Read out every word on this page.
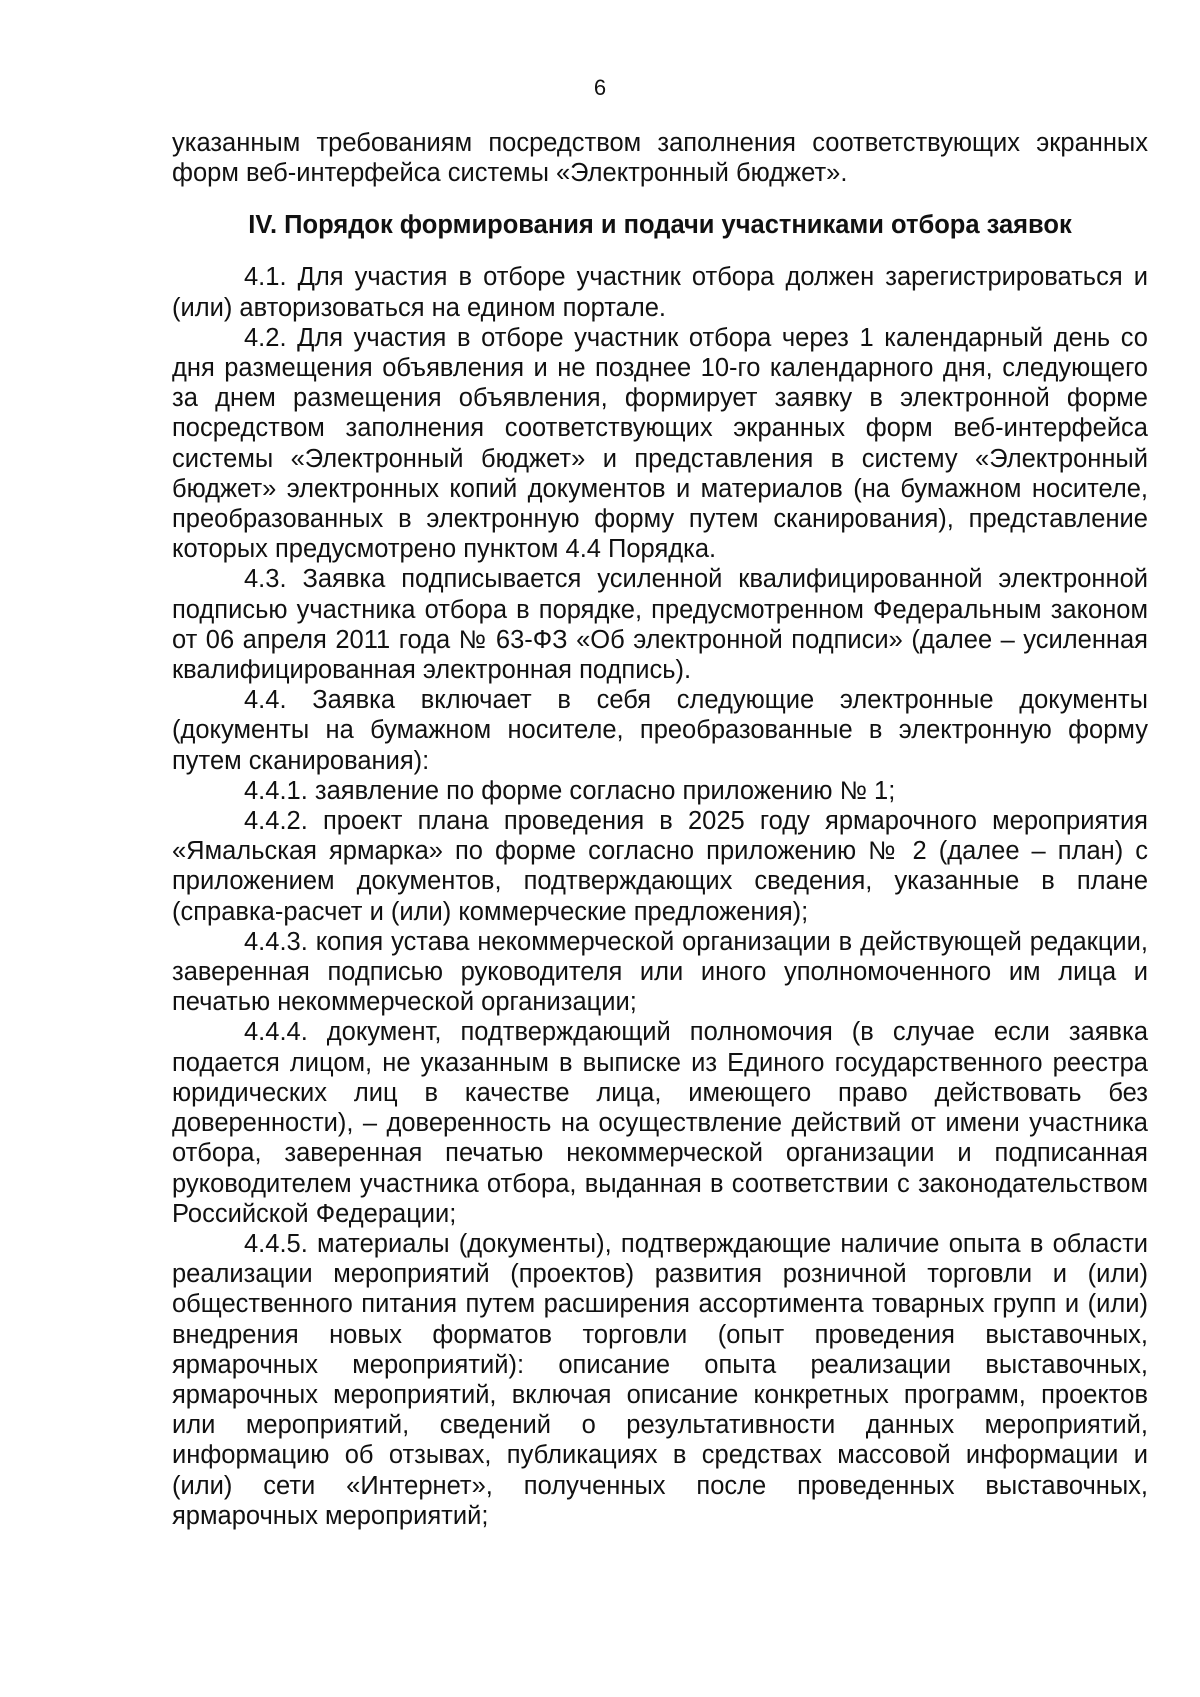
6

указанным требованиям посредством заполнения соответствующих экранных форм веб-интерфейса системы «Электронный бюджет».

IV. Порядок формирования и подачи участниками отбора заявок

4.1. Для участия в отборе участник отбора должен зарегистрироваться и (или) авторизоваться на едином портале.

4.2. Для участия в отборе участник отбора через 1 календарный день со дня размещения объявления и не позднее 10-го календарного дня, следующего за днем размещения объявления, формирует заявку в электронной форме посредством заполнения соответствующих экранных форм веб-интерфейса системы «Электронный бюджет» и представления в систему «Электронный бюджет» электронных копий документов и материалов (на бумажном носителе, преобразованных в электронную форму путем сканирования), представление которых предусмотрено пунктом 4.4 Порядка.

4.3. Заявка подписывается усиленной квалифицированной электронной подписью участника отбора в порядке, предусмотренном Федеральным законом от 06 апреля 2011 года № 63-ФЗ «Об электронной подписи» (далее – усиленная квалифицированная электронная подпись).

4.4. Заявка включает в себя следующие электронные документы (документы на бумажном носителе, преобразованные в электронную форму путем сканирования):

4.4.1. заявление по форме согласно приложению № 1;

4.4.2. проект плана проведения в 2025 году ярмарочного мероприятия «Ямальская ярмарка» по форме согласно приложению № 2 (далее – план) с приложением документов, подтверждающих сведения, указанные в плане (справка-расчет и (или) коммерческие предложения);

4.4.3. копия устава некоммерческой организации в действующей редакции, заверенная подписью руководителя или иного уполномоченного им лица и печатью некоммерческой организации;

4.4.4. документ, подтверждающий полномочия (в случае если заявка подается лицом, не указанным в выписке из Единого государственного реестра юридических лиц в качестве лица, имеющего право действовать без доверенности), – доверенность на осуществление действий от имени участника отбора, заверенная печатью некоммерческой организации и подписанная руководителем участника отбора, выданная в соответствии с законодательством Российской Федерации;

4.4.5. материалы (документы), подтверждающие наличие опыта в области реализации мероприятий (проектов) развития розничной торговли и (или) общественного питания путем расширения ассортимента товарных групп и (или) внедрения новых форматов торговли (опыт проведения выставочных, ярмарочных мероприятий): описание опыта реализации выставочных, ярмарочных мероприятий, включая описание конкретных программ, проектов или мероприятий, сведений о результативности данных мероприятий, информацию об отзывах, публикациях в средствах массовой информации и (или) сети «Интернет», полученных после проведенных выставочных, ярмарочных мероприятий;
